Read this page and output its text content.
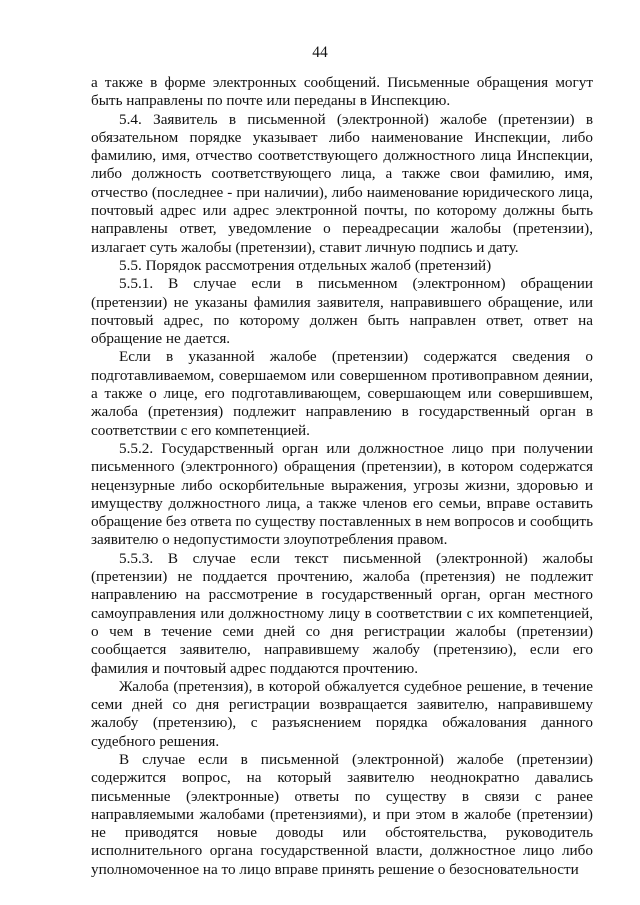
44

а также в форме электронных сообщений. Письменные обращения могут быть направлены по почте или переданы в Инспекцию.

5.4. Заявитель в письменной (электронной) жалобе (претензии) в обязательном порядке указывает либо наименование Инспекции, либо фамилию, имя, отчество соответствующего должностного лица Инспекции, либо должность соответствующего лица, а также свои фамилию, имя, отчество (последнее - при наличии), либо наименование юридического лица, почтовый адрес или адрес электронной почты, по которому должны быть направлены ответ, уведомление о переадресации жалобы (претензии), излагает суть жалобы (претензии), ставит личную подпись и дату.

5.5. Порядок рассмотрения отдельных жалоб (претензий)

5.5.1. В случае если в письменном (электронном) обращении (претензии) не указаны фамилия заявителя, направившего обращение, или почтовый адрес, по которому должен быть направлен ответ, ответ на обращение не дается.

Если в указанной жалобе (претензии) содержатся сведения о подготавливаемом, совершаемом или совершенном противоправном деянии, а также о лице, его подготавливающем, совершающем или совершившем, жалоба (претензия) подлежит направлению в государственный орган в соответствии с его компетенцией.

5.5.2. Государственный орган или должностное лицо при получении письменного (электронного) обращения (претензии), в котором содержатся нецензурные либо оскорбительные выражения, угрозы жизни, здоровью и имуществу должностного лица, а также членов его семьи, вправе оставить обращение без ответа по существу поставленных в нем вопросов и сообщить заявителю о недопустимости злоупотребления правом.

5.5.3. В случае если текст письменной (электронной) жалобы (претензии) не поддается прочтению, жалоба (претензия) не подлежит направлению на рассмотрение в государственный орган, орган местного самоуправления или должностному лицу в соответствии с их компетенцией, о чем в течение семи дней со дня регистрации жалобы (претензии) сообщается заявителю, направившему жалобу (претензию), если его фамилия и почтовый адрес поддаются прочтению.

Жалоба (претензия), в которой обжалуется судебное решение, в течение семи дней со дня регистрации возвращается заявителю, направившему жалобу (претензию), с разъяснением порядка обжалования данного судебного решения.

В случае если в письменной (электронной) жалобе (претензии) содержится вопрос, на который заявителю неоднократно давались письменные (электронные) ответы по существу в связи с ранее направляемыми жалобами (претензиями), и при этом в жалобе (претензии) не приводятся новые доводы или обстоятельства, руководитель исполнительного органа государственной власти, должностное лицо либо уполномоченное на то лицо вправе принять решение о безосновательности
